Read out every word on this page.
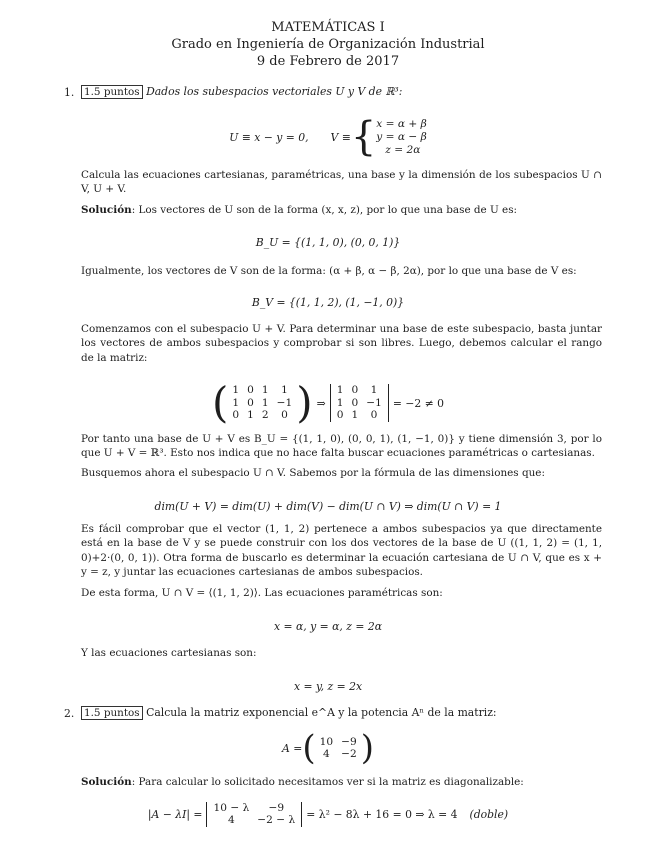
MATEMÁTICAS I
Grado en Ingeniería de Organización Industrial
9 de Febrero de 2017
1. 1.5 puntos Dados los subespacios vectoriales U y V de ℝ³:
U ≡ x − y = 0, V ≡ { x = α + β
y = α − β
z = 2α
Calcula las ecuaciones cartesianas, paramétricas, una base y la dimensión de los subespacios U ∩ V, U + V.
Solución: Los vectores de U son de la forma (x, x, z), por lo que una base de U es:
B_U = {(1, 1, 0), (0, 0, 1)}
Igualmente, los vectores de V son de la forma: (α + β, α − β, 2α), por lo que una base de V es:
B_V = {(1, 1, 2), (1, −1, 0)}
Comenzamos con el subespacio U + V. Para determinar una base de este subespacio, basta juntar los vectores de ambos subespacios y comprobar si son libres. Luego, debemos calcular el rango de la matriz:
( 1	0	1	1
1	0	1	−1
0	1	2	0 ) ⇒
1	0	1
1	0	−1
0	1	0
= −2 ≠ 0
Por tanto una base de U + V es B_U = {(1, 1, 0), (0, 0, 1), (1, −1, 0)} y tiene dimensión 3, por lo que U + V = ℝ³. Esto nos indica que no hace falta buscar ecuaciones paramétricas o cartesianas.
Busquemos ahora el subespacio U ∩ V. Sabemos por la fórmula de las dimensiones que:
dim(U + V) = dim(U) + dim(V) − dim(U ∩ V) ⇒ dim(U ∩ V) = 1
Es fácil comprobar que el vector (1, 1, 2) pertenece a ambos subespacios ya que directamente está en la base de V y se puede construir con los dos vectores de la base de U ((1, 1, 2) = (1, 1, 0)+2·(0, 0, 1)). Otra forma de buscarlo es determinar la ecuación cartesiana de U ∩ V, que es x + y = z, y juntar las ecuaciones cartesianas de ambos subespacios.
De esta forma, U ∩ V = ⟨(1, 1, 2)⟩. Las ecuaciones paramétricas son:
x = α, y = α, z = 2α
Y las ecuaciones cartesianas son:
x = y, z = 2x
2. 1.5 puntos Calcula la matriz exponencial e^A y la potencia Aⁿ de la matriz:
A = ( 10	−9
4	−2 )
Solución: Para calcular lo solicitado necesitamos ver si la matriz es diagonalizable:
|A − λI| = 10 − λ	−9
4	−2 − λ = λ² − 8λ + 16 = 0 ⇒ λ = 4 (doble)
